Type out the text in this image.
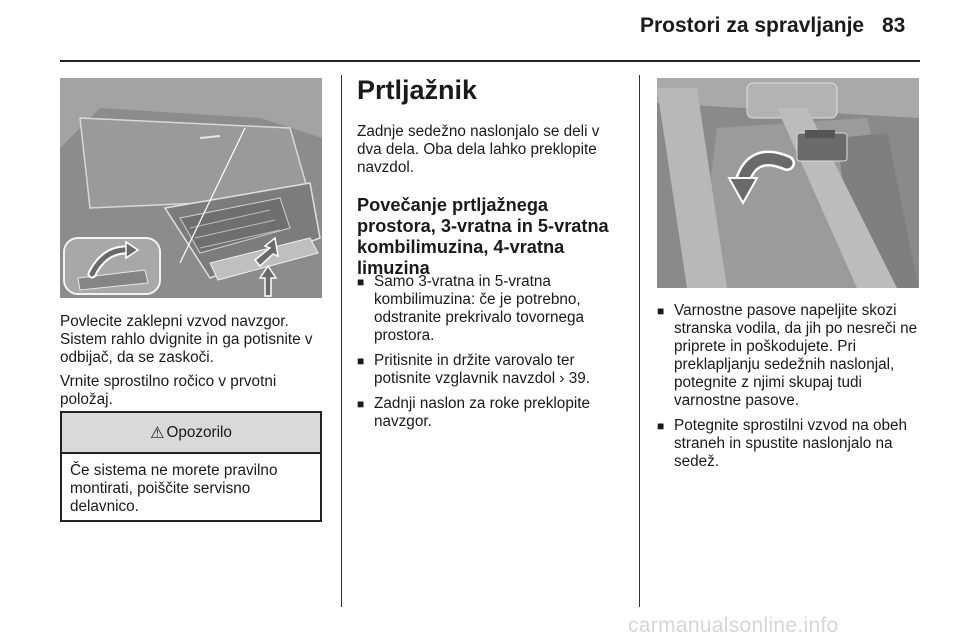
Prostori za spravljanje 83

Povlecite zaklepni vzvod navzgor. Sistem rahlo dvignite in ga potisnite v odbijač, da se zaskoči.

Vrnite sprostilno ročico v prvotni položaj.

⚠ Opozorilo
Če sistema ne morete pravilno montirati, poiščite servisno delavnico.
Prtljažnik

Zadnje sedežno naslonjalo se deli v dva dela. Oba dela lahko preklopite navzdol.

Povečanje prtljažnega prostora, 3-vratna in 5-vratna kombilimuzina, 4-vratna limuzina
■ Samo 3-vratna in 5-vratna kombilimuzina: če je potrebno, odstranite prekrivalo tovornega prostora.
■ Pritisnite in držite varovalo ter potisnite vzglavnik navzdol › 39.
■ Zadnji naslon za roke preklopite navzgor.
■ Varnostne pasove napeljite skozi stranska vodila, da jih po nesreči ne priprete in poškodujete. Pri preklapljanju sedežnih naslonjal, potegnite z njimi skupaj tudi varnostne pasove.
■ Potegnite sprostilni vzvod na obeh straneh in spustite naslonjalo na sedež.
carmanualsonline.info
